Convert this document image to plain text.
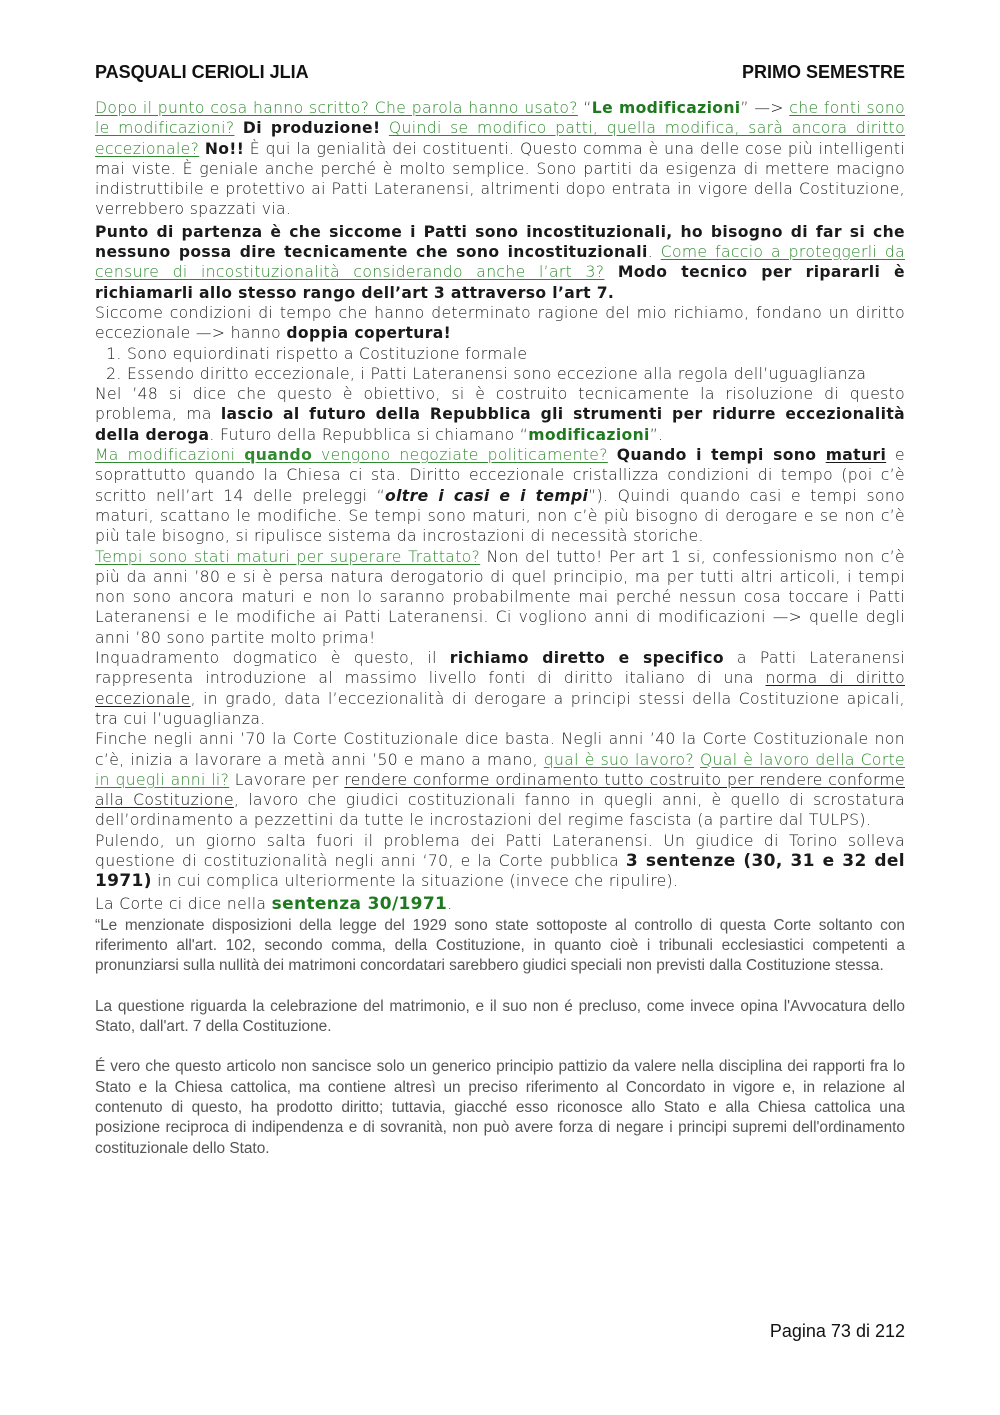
PASQUALI CERIOLI JLIA	PRIMO SEMESTRE

Dopo il punto cosa hanno scritto? Che parola hanno usato? “Le modificazioni” —> che fonti sono le modificazioni? Di produzione! Quindi se modifico patti, quella modifica, sarà ancora diritto eccezionale? No!! È qui la genialità dei costituenti. Questo comma è una delle cose più intelligenti mai viste. È geniale anche perché è molto semplice. Sono partiti da esigenza di mettere macigno indistruttibile e protettivo ai Patti Lateranensi, altrimenti dopo entrata in vigore della Costituzione, verrebbero spazzati via.

Punto di partenza è che siccome i Patti sono incostituzionali, ho bisogno di far si che nessuno possa dire tecnicamente che sono incostituzionali. Come faccio a proteggerli da censure di incostituzionalità considerando anche l’art 3? Modo tecnico per ripararli è richiamarli allo stesso rango dell’art 3 attraverso l’art 7.

Siccome condizioni di tempo che hanno determinato ragione del mio richiamo, fondano un diritto eccezionale —> hanno doppia copertura!

1. Sono equiordinati rispetto a Costituzione formale
2. Essendo diritto eccezionale, i Patti Lateranensi sono eccezione alla regola dell’uguaglianza

Nel ’48 si dice che questo è obiettivo, si è costruito tecnicamente la risoluzione di questo problema, ma lascio al futuro della Repubblica gli strumenti per ridurre eccezionalità della deroga. Futuro della Repubblica si chiamano “modificazioni”.

Ma modificazioni quando vengono negoziate politicamente? Quando i tempi sono maturi e soprattutto quando la Chiesa ci sta. Diritto eccezionale cristallizza condizioni di tempo (poi c’è scritto nell’art 14 delle preleggi “oltre i casi e i tempi”). Quindi quando casi e tempi sono maturi, scattano le modifiche. Se tempi sono maturi, non c’è più bisogno di derogare e se non c’è più tale bisogno, si ripulisce sistema da incrostazioni di necessità storiche.

Tempi sono stati maturi per superare Trattato? Non del tutto! Per art 1 si, confessionismo non c’è più da anni ’80 e si è persa natura derogatorio di quel principio, ma per tutti altri articoli, i tempi non sono ancora maturi e non lo saranno probabilmente mai perché nessun cosa toccare i Patti Lateranensi e le modifiche ai Patti Lateranensi. Ci vogliono anni di modificazioni —> quelle degli anni ’80 sono partite molto prima!

Inquadramento dogmatico è questo, il richiamo diretto e specifico a Patti Lateranensi rappresenta introduzione al massimo livello fonti di diritto italiano di una norma di diritto eccezionale, in grado, data l’eccezionalità di derogare a principi stessi della Costituzione apicali, tra cui l’uguaglianza.

Finche negli anni ’70 la Corte Costituzionale dice basta. Negli anni ’40 la Corte Costituzionale non c’è, inizia a lavorare a metà anni ’50 e mano a mano, qual è suo lavoro? Qual è lavoro della Corte in quegli anni li? Lavorare per rendere conforme ordinamento tutto costruito per rendere conforme alla Costituzione, lavoro che giudici costituzionali fanno in quegli anni, è quello di scrostatura dell’ordinamento a pezzettini da tutte le incrostazioni del regime fascista (a partire dal TULPS).

Pulendo, un giorno salta fuori il problema dei Patti Lateranensi. Un giudice di Torino solleva questione di costituzionalità negli anni ‘70, e la Corte pubblica 3 sentenze (30, 31 e 32 del 1971) in cui complica ulteriormente la situazione (invece che ripulire).

La Corte ci dice nella sentenza 30/1971.

“Le menzionate disposizioni della legge del 1929 sono state sottoposte al controllo di questa Corte soltanto con riferimento all'art. 102, secondo comma, della Costituzione, in quanto cioè i tribunali ecclesiastici competenti a pronunziarsi sulla nullità dei matrimoni concordatari sarebbero giudici speciali non previsti dalla Costituzione stessa.

La questione riguarda la celebrazione del matrimonio, e il suo non é precluso, come invece opina l'Avvocatura dello Stato, dall'art. 7 della Costituzione.

É vero che questo articolo non sancisce solo un generico principio pattizio da valere nella disciplina dei rapporti fra lo Stato e la Chiesa cattolica, ma contiene altresì un preciso riferimento al Concordato in vigore e, in relazione al contenuto di questo, ha prodotto diritto; tuttavia, giacché esso riconosce allo Stato e alla Chiesa cattolica una posizione reciproca di indipendenza e di sovranità, non può avere forza di negare i principi supremi dell'ordinamento costituzionale dello Stato.

Pagina 73 di 212
